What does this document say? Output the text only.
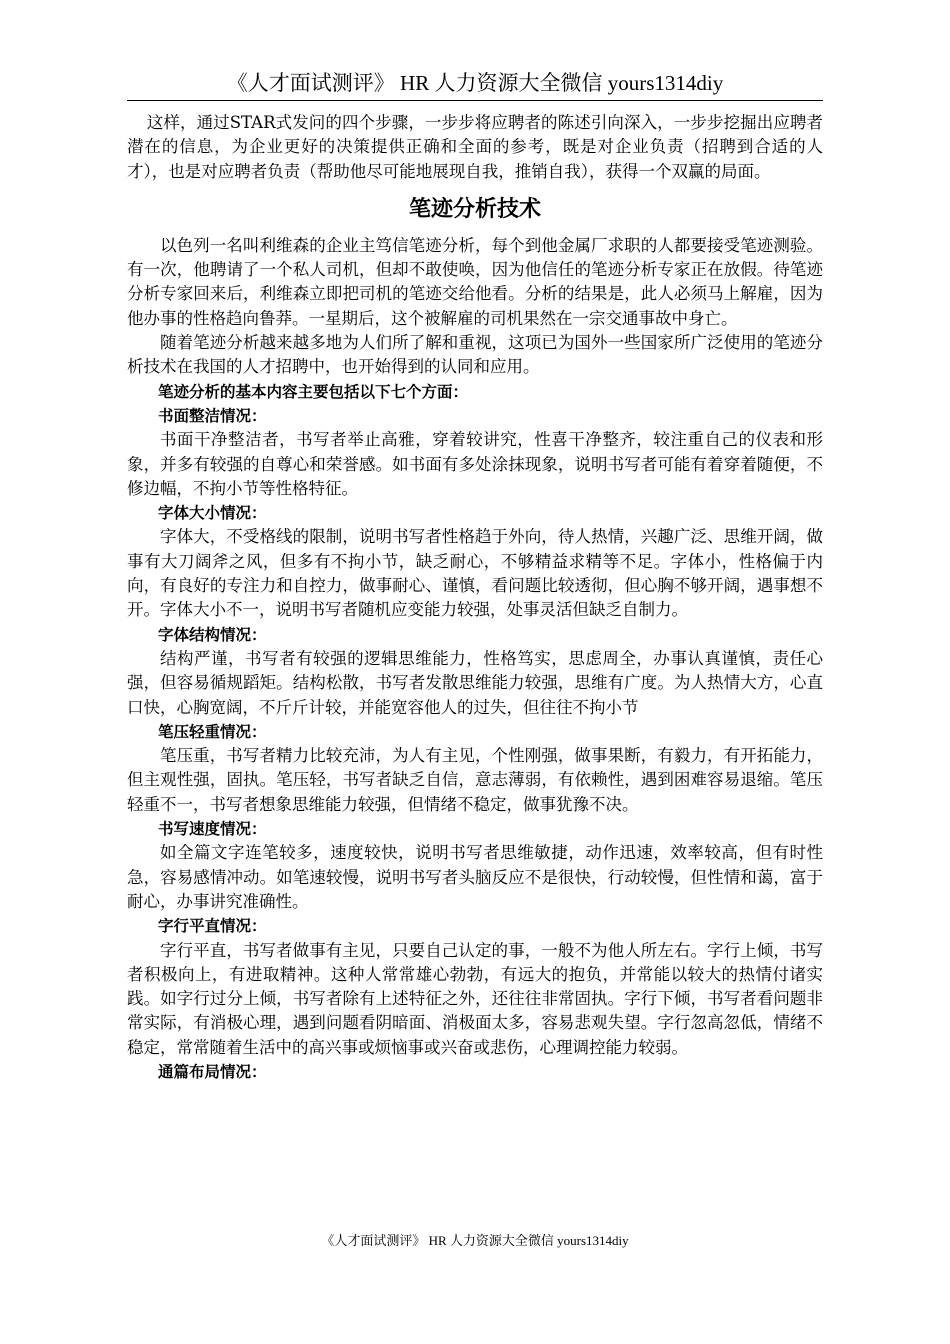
《人才面试测评》 HR 人力资源大全微信 yours1314diy

这样，通过STAR式发问的四个步骤，一步步将应聘者的陈述引向深入，一步步挖掘出应聘者潜在的信息，为企业更好的决策提供正确和全面的参考，既是对企业负责（招聘到合适的人才），也是对应聘者负责（帮助他尽可能地展现自我，推销自我），获得一个双赢的局面。

笔迹分析技术

以色列一名叫利维森的企业主笃信笔迹分析，每个到他金属厂求职的人都要接受笔迹测验。有一次，他聘请了一个私人司机，但却不敢使唤，因为他信任的笔迹分析专家正在放假。待笔迹分析专家回来后，利维森立即把司机的笔迹交给他看。分析的结果是，此人必须马上解雇，因为他办事的性格趋向鲁莽。一星期后，这个被解雇的司机果然在一宗交通事故中身亡。

随着笔迹分析越来越多地为人们所了解和重视，这项已为国外一些国家所广泛使用的笔迹分析技术在我国的人才招聘中，也开始得到的认同和应用。

笔迹分析的基本内容主要包括以下七个方面：
书面整洁情况：

书面干净整洁者，书写者举止高雅，穿着较讲究，性喜干净整齐，较注重自己的仪表和形象，并多有较强的自尊心和荣誉感。如书面有多处涂抹现象，说明书写者可能有着穿着随便，不修边幅，不拘小节等性格特征。

字体大小情况：

字体大，不受格线的限制，说明书写者性格趋于外向，待人热情，兴趣广泛、思维开阔，做事有大刀阔斧之风，但多有不拘小节，缺乏耐心，不够精益求精等不足。字体小，性格偏于内向，有良好的专注力和自控力，做事耐心、谨慎，看问题比较透彻，但心胸不够开阔，遇事想不开。字体大小不一，说明书写者随机应变能力较强，处事灵活但缺乏自制力。

字体结构情况：

结构严谨，书写者有较强的逻辑思维能力，性格笃实，思虑周全，办事认真谨慎，责任心强，但容易循规蹈矩。结构松散，书写者发散思维能力较强，思维有广度。为人热情大方，心直口快，心胸宽阔，不斤斤计较，并能宽容他人的过失，但往往不拘小节

笔压轻重情况：

笔压重，书写者精力比较充沛，为人有主见，个性刚强，做事果断，有毅力，有开拓能力，但主观性强，固执。笔压轻，书写者缺乏自信，意志薄弱，有依赖性，遇到困难容易退缩。笔压轻重不一，书写者想象思维能力较强，但情绪不稳定，做事犹豫不决。

书写速度情况：

如全篇文字连笔较多，速度较快，说明书写者思维敏捷，动作迅速，效率较高，但有时性急，容易感情冲动。如笔速较慢，说明书写者头脑反应不是很快，行动较慢，但性情和蔼，富于耐心，办事讲究准确性。

字行平直情况：

字行平直，书写者做事有主见，只要自己认定的事，一般不为他人所左右。字行上倾，书写者积极向上，有进取精神。这种人常常雄心勃勃，有远大的抱负，并常能以较大的热情付诸实践。如字行过分上倾，书写者除有上述特征之外，还往往非常固执。字行下倾，书写者看问题非常实际，有消极心理，遇到问题看阴暗面、消极面太多，容易悲观失望。字行忽高忽低，情绪不稳定，常常随着生活中的高兴事或烦恼事或兴奋或悲伤，心理调控能力较弱。

通篇布局情况：
《人才面试测评》 HR 人力资源大全微信 yours1314diy
